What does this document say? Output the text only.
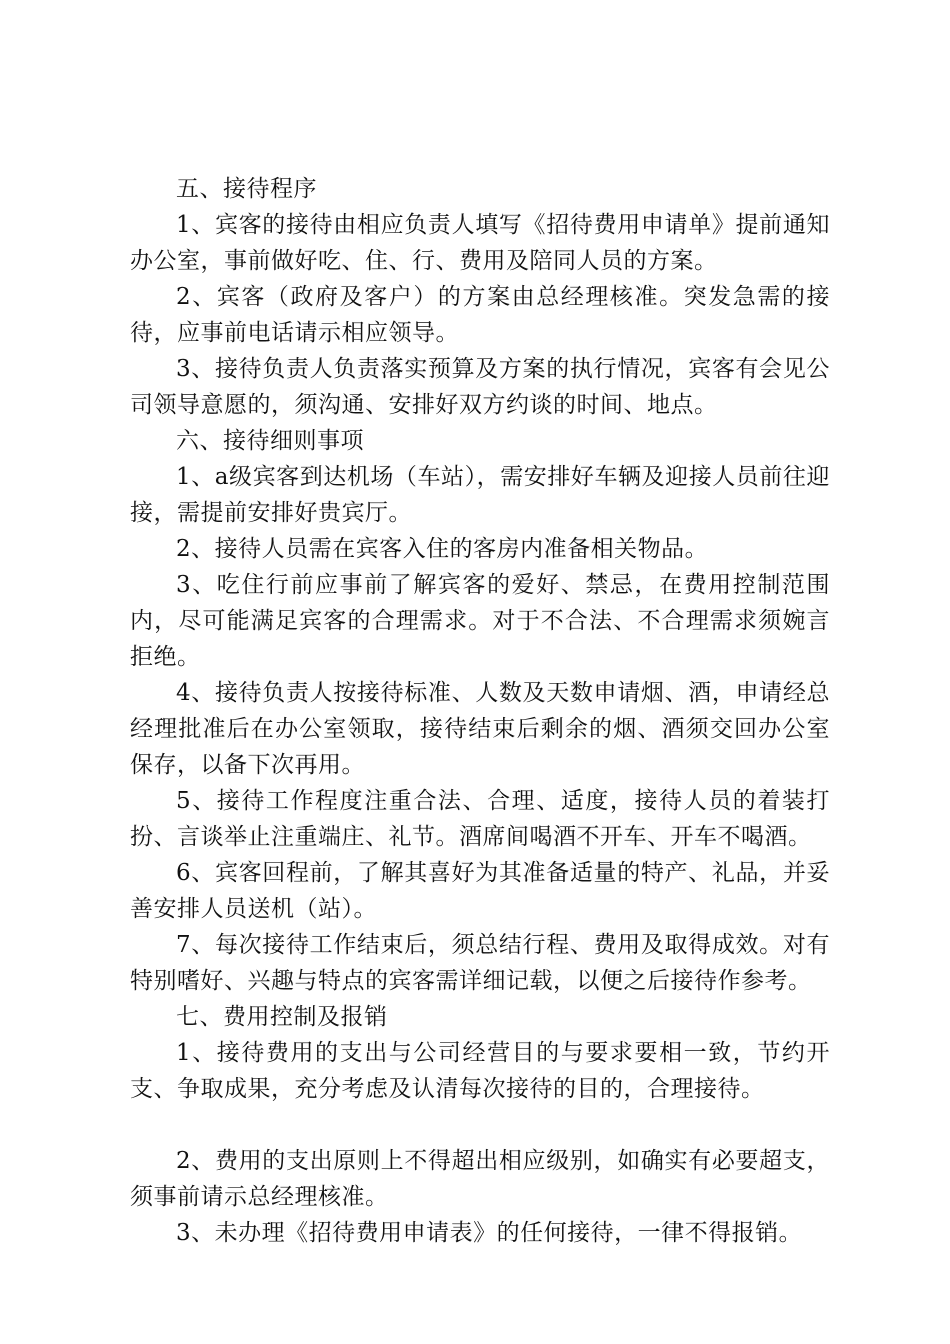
五、接待程序

1、宾客的接待由相应负责人填写《招待费用申请单》提前通知办公室，事前做好吃、住、行、费用及陪同人员的方案。

2、宾客（政府及客户）的方案由总经理核准。突发急需的接待，应事前电话请示相应领导。

3、接待负责人负责落实预算及方案的执行情况，宾客有会见公司领导意愿的，须沟通、安排好双方约谈的时间、地点。

六、接待细则事项

1、a级宾客到达机场（车站），需安排好车辆及迎接人员前往迎接，需提前安排好贵宾厅。

2、接待人员需在宾客入住的客房内准备相关物品。

3、吃住行前应事前了解宾客的爱好、禁忌，在费用控制范围内，尽可能满足宾客的合理需求。对于不合法、不合理需求须婉言拒绝。

4、接待负责人按接待标准、人数及天数申请烟、酒，申请经总经理批准后在办公室领取，接待结束后剩余的烟、酒须交回办公室保存，以备下次再用。

5、接待工作程度注重合法、合理、适度，接待人员的着装打扮、言谈举止注重端庄、礼节。酒席间喝酒不开车、开车不喝酒。

6、宾客回程前，了解其喜好为其准备适量的特产、礼品，并妥善安排人员送机（站）。

7、每次接待工作结束后，须总结行程、费用及取得成效。对有特别嗜好、兴趣与特点的宾客需详细记载，以便之后接待作参考。

七、费用控制及报销

1、接待费用的支出与公司经营目的与要求要相一致，节约开支、争取成果，充分考虑及认清每次接待的目的，合理接待。

2、费用的支出原则上不得超出相应级别，如确实有必要超支，须事前请示总经理核准。

3、未办理《招待费用申请表》的任何接待，一律不得报销。
